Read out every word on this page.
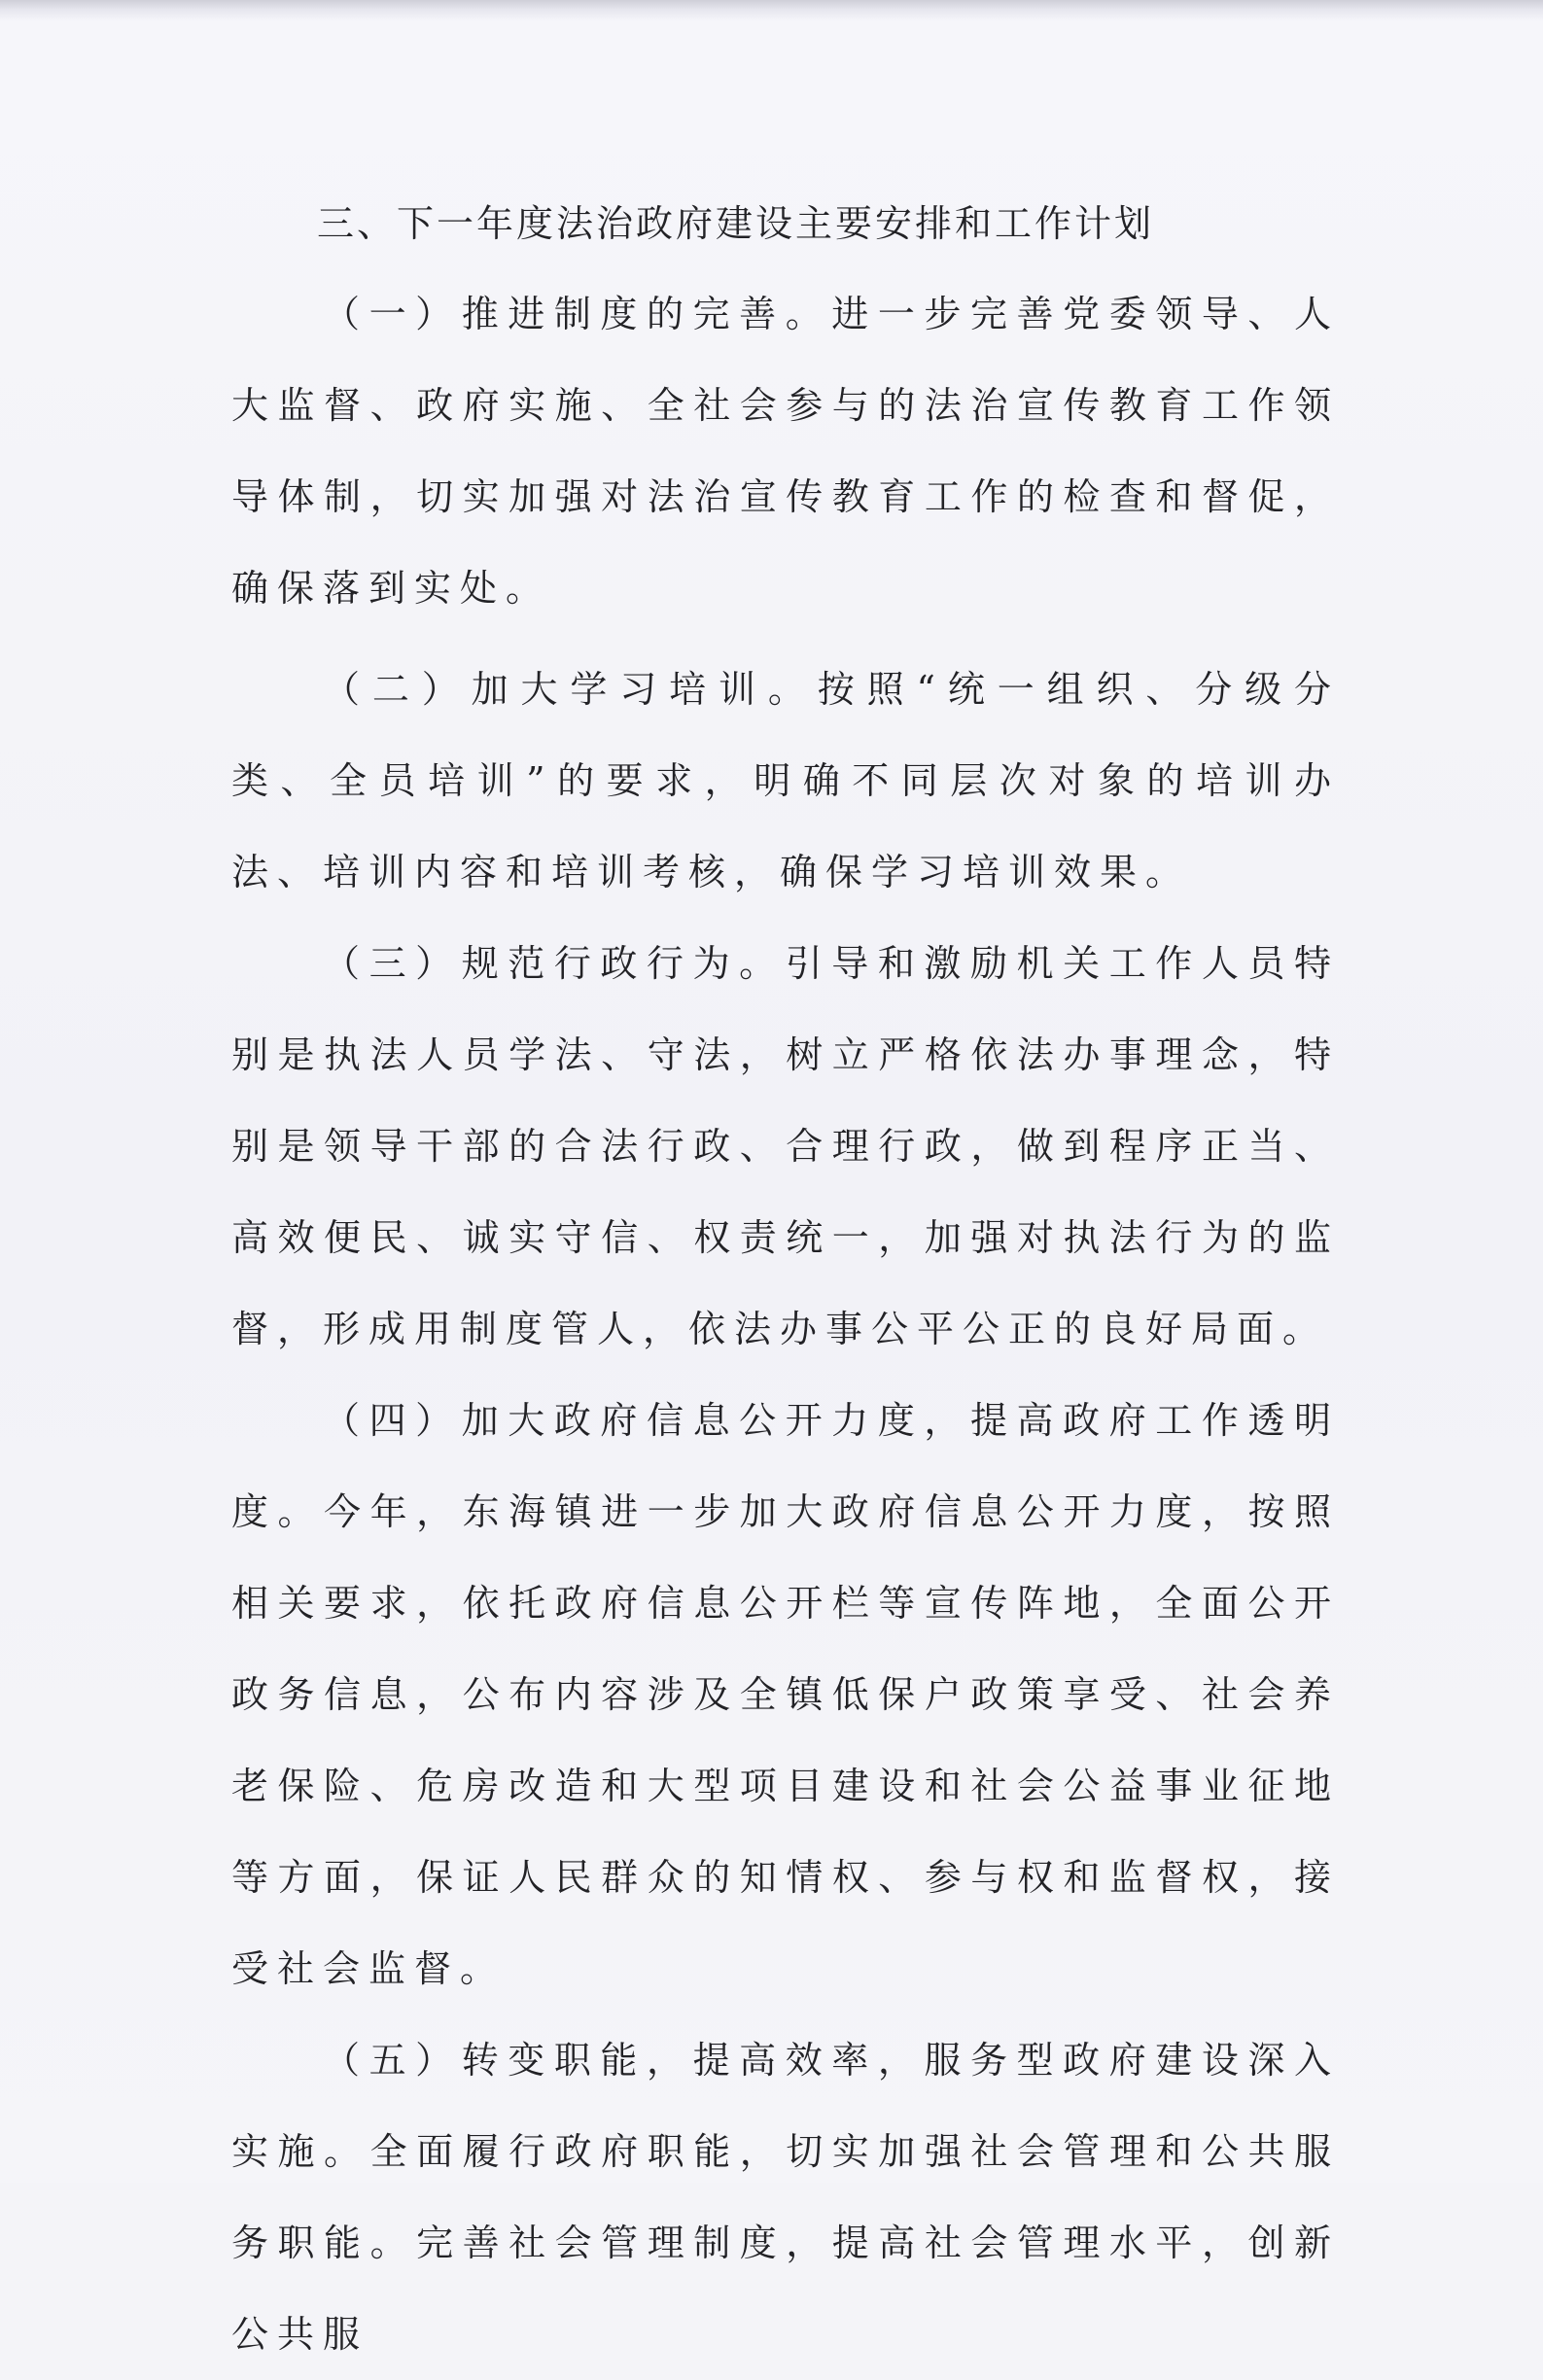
三、下一年度法治政府建设主要安排和工作计划

（一）推进制度的完善。进一步完善党委领导、人大监督、政府实施、全社会参与的法治宣传教育工作领导体制，切实加强对法治宣传教育工作的检查和督促，确保落到实处。

（二）加大学习培训。按照“统一组织、分级分类、全员培训”的要求，明确不同层次对象的培训办法、培训内容和培训考核，确保学习培训效果。

（三）规范行政行为。引导和激励机关工作人员特别是执法人员学法、守法，树立严格依法办事理念，特别是领导干部的合法行政、合理行政，做到程序正当、高效便民、诚实守信、权责统一，加强对执法行为的监督，形成用制度管人，依法办事公平公正的良好局面。

（四）加大政府信息公开力度，提高政府工作透明度。今年，东海镇进一步加大政府信息公开力度，按照相关要求，依托政府信息公开栏等宣传阵地，全面公开政务信息，公布内容涉及全镇低保户政策享受、社会养老保险、危房改造和大型项目建设和社会公益事业征地等方面，保证人民群众的知情权、参与权和监督权，接受社会监督。

（五）转变职能，提高效率，服务型政府建设深入实施。全面履行政府职能，切实加强社会管理和公共服务职能。完善社会管理制度，提高社会管理水平，创新公共服
